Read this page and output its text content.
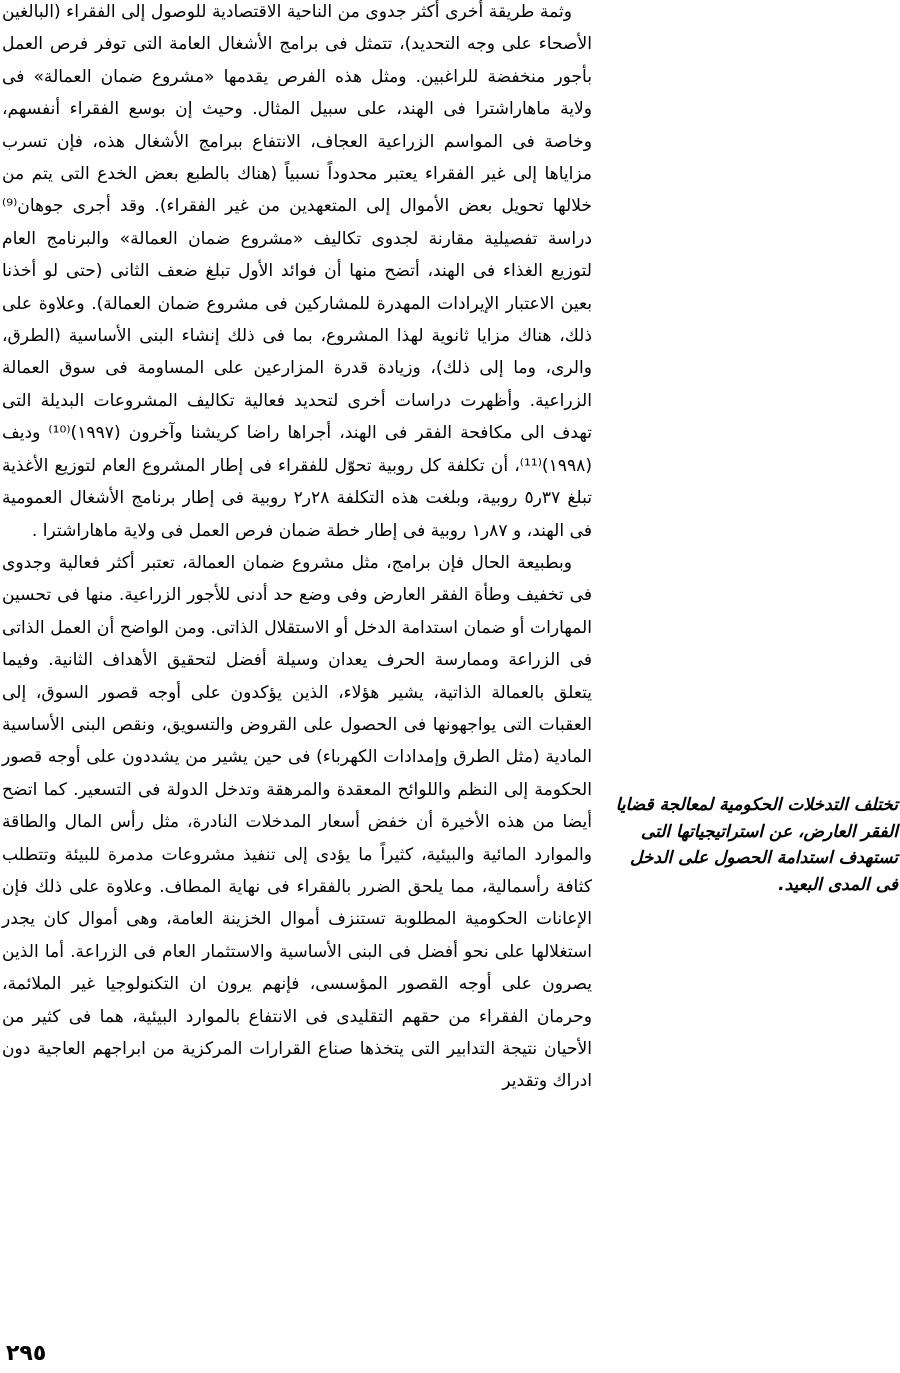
وثمة طريقة أخرى أكثر جدوى من الناحية الاقتصادية للوصول إلى الفقراء (البالغين الأصحاء على وجه التحديد)، تتمثل فى برامج الأشغال العامة التى توفر فرص العمل بأجور منخفضة للراغبين. ومثل هذه الفرص يقدمها «مشروع ضمان العمالة» فى ولاية ماهاراشترا فى الهند، على سبيل المثال. وحيث إن بوسع الفقراء أنفسهم، وخاصة فى المواسم الزراعية العجاف، الانتفاع ببرامج الأشغال هذه، فإن تسرب مزاياها إلى غير الفقراء يعتبر محدوداً نسبياً (هناك بالطبع بعض الخدع التى يتم من خلالها تحويل بعض الأموال إلى المتعهدين من غير الفقراء). وقد أجرى جوهان⁽⁹⁾ دراسة تفصيلية مقارنة لجدوى تكاليف «مشروع ضمان العمالة» والبرنامج العام لتوزيع الغذاء فى الهند، أتضح منها أن فوائد الأول تبلغ ضعف الثانى (حتى لو أخذنا بعين الاعتبار الإيرادات المهدرة للمشاركين فى مشروع ضمان العمالة). وعلاوة على ذلك، هناك مزايا ثانوية لهذا المشروع، بما فى ذلك إنشاء البنى الأساسية (الطرق، والرى، وما إلى ذلك)، وزيادة قدرة المزارعين على المساومة فى سوق العمالة الزراعية. وأظهرت دراسات أخرى لتحديد فعالية تكاليف المشروعات البديلة التى تهدف الى مكافحة الفقر فى الهند، أجراها راضا كريشنا وآخرون (١٩٩٧)⁽¹⁰⁾ وديف (١٩٩٨)⁽¹¹⁾، أن تكلفة كل روبية تحوّل للفقراء فى إطار المشروع العام لتوزيع الأغذية تبلغ ٣٧ر٥ روبية، وبلغت هذه التكلفة ٢٨ر٢ روبية فى إطار برنامج الأشغال العمومية فى الهند، و ٨٧ر١ روبية فى إطار خطة ضمان فرص العمل فى ولاية ماهاراشترا .

وبطبيعة الحال فإن برامج، مثل مشروع ضمان العمالة، تعتبر أكثر فعالية وجدوى فى تخفيف وطأة الفقر العارض وفى وضع حد أدنى للأجور الزراعية. منها فى تحسين المهارات أو ضمان استدامة الدخل أو الاستقلال الذاتى. ومن الواضح أن العمل الذاتى فى الزراعة وممارسة الحرف يعدان وسيلة أفضل لتحقيق الأهداف الثانية. وفيما يتعلق بالعمالة الذاتية، يشير هؤلاء، الذين يؤكدون على أوجه قصور السوق، إلى العقبات التى يواجهونها فى الحصول على القروض والتسويق، ونقص البنى الأساسية المادية (مثل الطرق وإمدادات الكهرباء) فى حين يشير من يشددون على أوجه قصور الحكومة إلى النظم واللوائح المعقدة والمرهقة وتدخل الدولة فى التسعير. كما اتضح أيضا من هذه الأخيرة أن خفض أسعار المدخلات النادرة، مثل رأس المال والطاقة والموارد المائية والبيئية، كثيراً ما يؤدى إلى تنفيذ مشروعات مدمرة للبيئة وتتطلب كثافة رأسمالية، مما يلحق الضرر بالفقراء فى نهاية المطاف. وعلاوة على ذلك فإن الإعانات الحكومية المطلوبة تستنزف أموال الخزينة العامة، وهى أموال كان يجدر استغلالها على نحو أفضل فى البنى الأساسية والاستثمار العام فى الزراعة. أما الذين يصرون على أوجه القصور المؤسسى، فإنهم يرون ان التكنولوجيا غير الملائمة، وحرمان الفقراء من حقهم التقليدى فى الانتفاع بالموارد البيئية، هما فى كثير من الأحيان نتيجة التدابير التى يتخذها صناع القرارات المركزية من ابراجهم العاجية دون ادراك وتقدير

تختلف التدخلات الحكومية لمعالجة قضايا الفقر العارض، عن استراتيجياتها التى تستهدف استدامة الحصول على الدخل فى المدى البعيد.
٢٩٥
